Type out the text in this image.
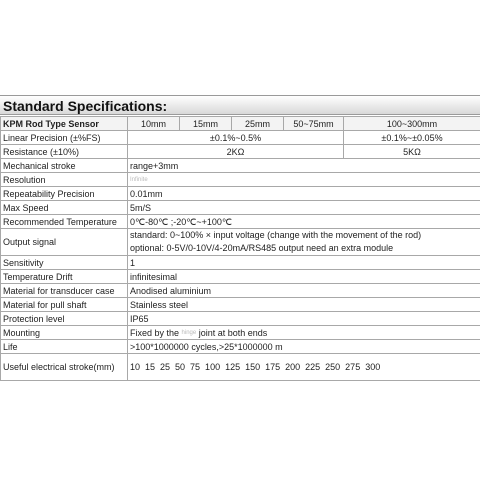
Standard Specifications:
KPM Rod Type Sensor	10mm	15mm	25mm	50~75mm	100~300mm
Linear Precision (±%FS)	±0.1%~0.5%				±0.1%~±0.05%
Resistance (±10%)	2KΩ				5KΩ
Mechanical stroke	range+3mm				
Resolution	$^{Infinite}$
Repeatability Precision	0.01mm				
Max Speed	5m/S				
Recommended Temperature	0℃-80℃ ;-20℃~+100℃				
Output signal	standard: 0~100% × input voltage (change with the movement of the rod)
optional: 0-5V/0-10V/4-20mA/RS485 output need an extra module				

Sensitivity	1				
Temperature Drift	infinitesimal				
Material for transducer case	Anodised aluminium				
Material for pull shaft	Stainless steel				
Protection level	IP65				
Mounting	Fixed by the $^{hinge}$ joint at both ends				
Life	>100*1000000 cycles,>25*1000000 m				
Useful electrical stroke(mm)	10  15  25  50  75  100  125  150  175  200  225  250  275  300				
